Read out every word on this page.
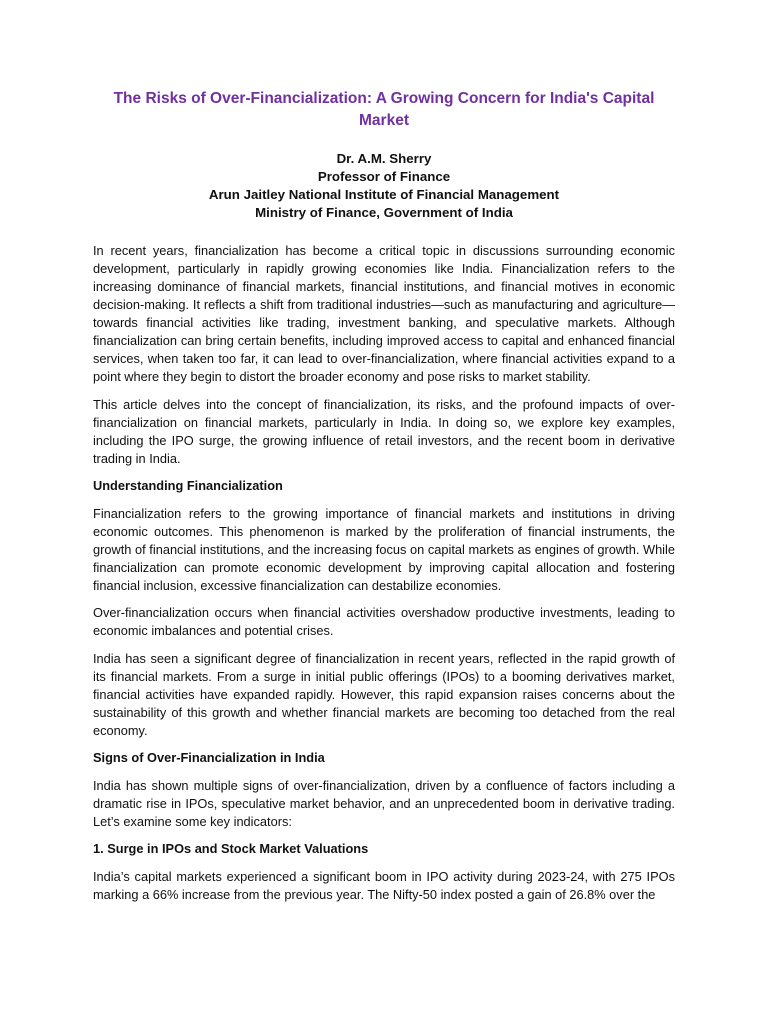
The Risks of Over-Financialization: A Growing Concern for India's Capital Market
Dr. A.M. Sherry
Professor of Finance
Arun Jaitley National Institute of Financial Management
Ministry of Finance, Government of India

In recent years, financialization has become a critical topic in discussions surrounding economic development, particularly in rapidly growing economies like India. Financialization refers to the increasing dominance of financial markets, financial institutions, and financial motives in economic decision-making. It reflects a shift from traditional industries—such as manufacturing and agriculture—towards financial activities like trading, investment banking, and speculative markets. Although financialization can bring certain benefits, including improved access to capital and enhanced financial services, when taken too far, it can lead to over-financialization, where financial activities expand to a point where they begin to distort the broader economy and pose risks to market stability.

This article delves into the concept of financialization, its risks, and the profound impacts of over-financialization on financial markets, particularly in India. In doing so, we explore key examples, including the IPO surge, the growing influence of retail investors, and the recent boom in derivative trading in India.

Understanding Financialization

Financialization refers to the growing importance of financial markets and institutions in driving economic outcomes. This phenomenon is marked by the proliferation of financial instruments, the growth of financial institutions, and the increasing focus on capital markets as engines of growth. While financialization can promote economic development by improving capital allocation and fostering financial inclusion, excessive financialization can destabilize economies.

Over-financialization occurs when financial activities overshadow productive investments, leading to economic imbalances and potential crises.

India has seen a significant degree of financialization in recent years, reflected in the rapid growth of its financial markets. From a surge in initial public offerings (IPOs) to a booming derivatives market, financial activities have expanded rapidly. However, this rapid expansion raises concerns about the sustainability of this growth and whether financial markets are becoming too detached from the real economy.

Signs of Over-Financialization in India

India has shown multiple signs of over-financialization, driven by a confluence of factors including a dramatic rise in IPOs, speculative market behavior, and an unprecedented boom in derivative trading. Let’s examine some key indicators:

1. Surge in IPOs and Stock Market Valuations

India’s capital markets experienced a significant boom in IPO activity during 2023-24, with 275 IPOs marking a 66% increase from the previous year. The Nifty-50 index posted a gain of 26.8% over the
